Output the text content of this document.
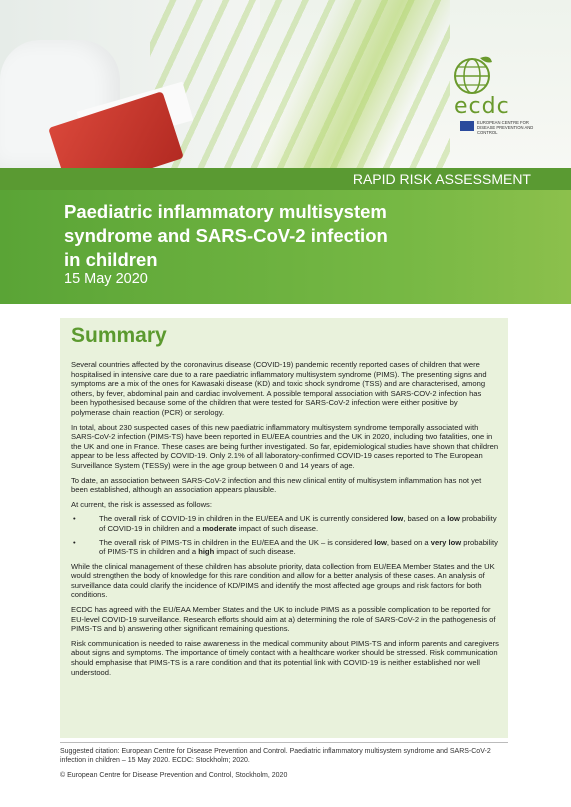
ecdc
EUROPEAN CENTRE FOR DISEASE PREVENTION AND CONTROL
RAPID RISK ASSESSMENT
Paediatric inflammatory multisystem
syndrome and SARS-CoV-2 infection
in children
15 May 2020
Summary

Several countries affected by the coronavirus disease (COVID-19) pandemic recently reported cases of children that were hospitalised in intensive care due to a rare paediatric inflammatory multisystem syndrome (PIMS). The presenting signs and symptoms are a mix of the ones for Kawasaki disease (KD) and toxic shock syndrome (TSS) and are characterised, among others, by fever, abdominal pain and cardiac involvement. A possible temporal association with SARS-COV-2 infection has been hypothesised because some of the children that were tested for SARS-CoV-2 infection were either positive by polymerase chain reaction (PCR) or serology.

In total, about 230 suspected cases of this new paediatric inflammatory multisystem syndrome temporally associated with SARS-CoV-2 infection (PIMS-TS) have been reported in EU/EEA countries and the UK in 2020, including two fatalities, one in the UK and one in France. These cases are being further investigated. So far, epidemiological studies have shown that children appear to be less affected by COVID-19. Only 2.1% of all laboratory-confirmed COVID-19 cases reported to The European Surveillance System (TESSy) were in the age group between 0 and 14 years of age.

To date, an association between SARS-CoV-2 infection and this new clinical entity of multisystem inflammation has not yet been established, although an association appears plausible.

At current, the risk is assessed as follows:

• The overall risk of COVID-19 in children in the EU/EEA and UK is currently considered low, based on a low probability of COVID-19 in children and a moderate impact of such disease.
• The overall risk of PIMS-TS in children in the EU/EEA and the UK – is considered low, based on a very low probability of PIMS-TS in children and a high impact of such disease.

While the clinical management of these children has absolute priority, data collection from EU/EEA Member States and the UK would strengthen the body of knowledge for this rare condition and allow for a better analysis of these cases. An analysis of surveillance data could clarify the incidence of KD/PIMS and identify the most affected age groups and risk factors for both conditions.

ECDC has agreed with the EU/EAA Member States and the UK to include PIMS as a possible complication to be reported for EU-level COVID-19 surveillance. Research efforts should aim at a) determining the role of SARS-CoV-2 in the pathogenesis of PIMS-TS and b) answering other significant remaining questions.

Risk communication is needed to raise awareness in the medical community about PIMS-TS and inform parents and caregivers about signs and symptoms. The importance of timely contact with a healthcare worker should be stressed. Risk communication should emphasise that PIMS-TS is a rare condition and that its potential link with COVID-19 is neither established nor well understood.

Suggested citation: European Centre for Disease Prevention and Control. Paediatric inflammatory multisystem syndrome and SARS-CoV-2 infection in children – 15 May 2020. ECDC: Stockholm; 2020.

© European Centre for Disease Prevention and Control, Stockholm, 2020
